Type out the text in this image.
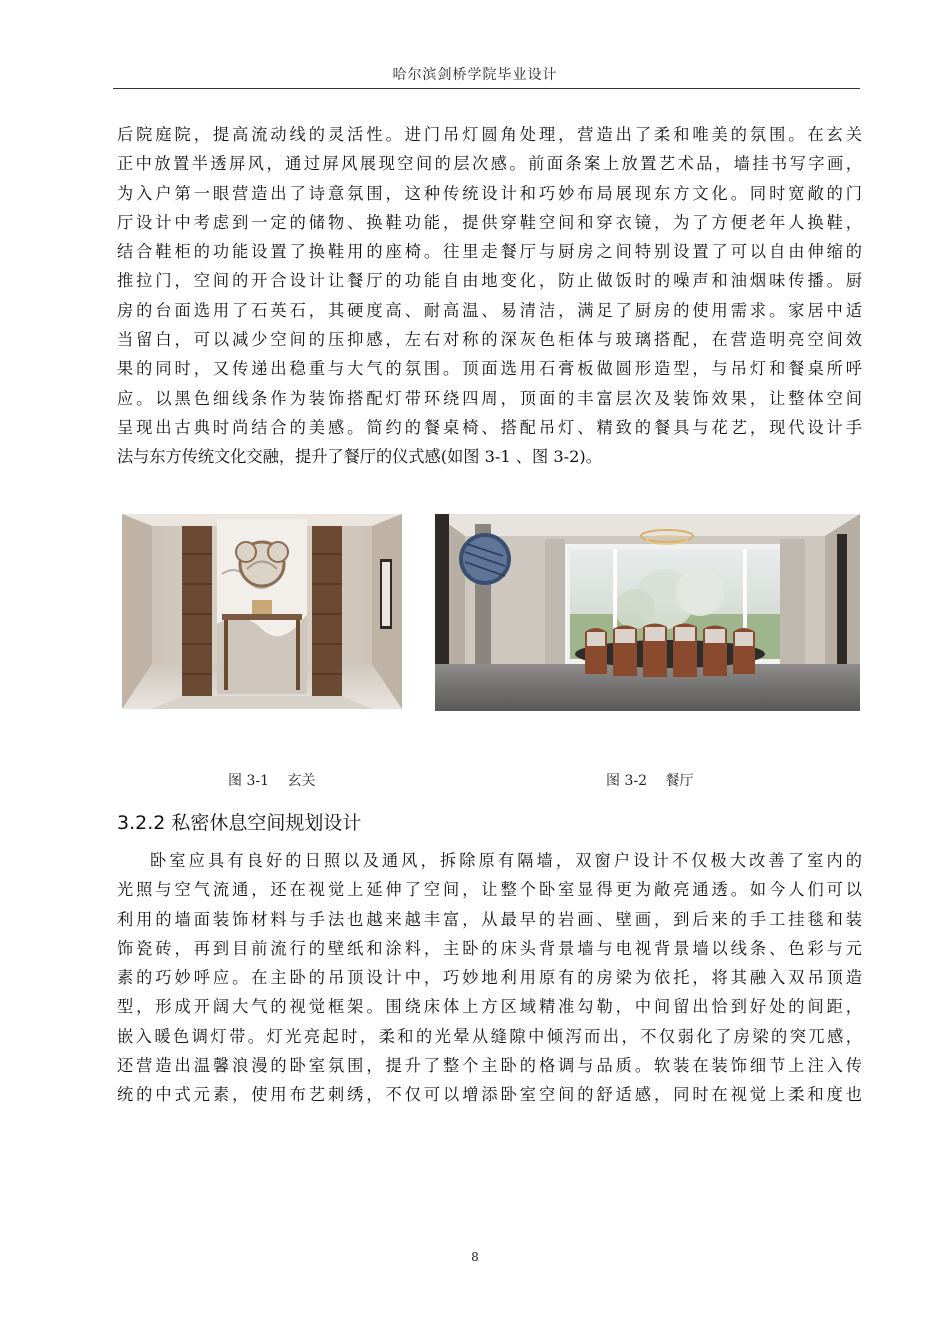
哈尔滨剑桥学院毕业设计
后院庭院，提高流动线的灵活性。进门吊灯圆角处理，营造出了柔和唯美的氛围。在玄关
正中放置半透屏风，通过屏风展现空间的层次感。前面条案上放置艺术品，墙挂书写字画，
为入户第一眼营造出了诗意氛围，这种传统设计和巧妙布局展现东方文化。同时宽敞的门
厅设计中考虑到一定的储物、换鞋功能，提供穿鞋空间和穿衣镜，为了方便老年人换鞋，
结合鞋柜的功能设置了换鞋用的座椅。往里走餐厅与厨房之间特别设置了可以自由伸缩的
推拉门，空间的开合设计让餐厅的功能自由地变化，防止做饭时的噪声和油烟味传播。厨
房的台面选用了石英石，其硬度高、耐高温、易清洁，满足了厨房的使用需求。家居中适
当留白，可以减少空间的压抑感，左右对称的深灰色柜体与玻璃搭配，在营造明亮空间效
果的同时，又传递出稳重与大气的氛围。顶面选用石膏板做圆形造型，与吊灯和餐桌所呼
应。以黑色细线条作为装饰搭配灯带环绕四周，顶面的丰富层次及装饰效果，让整体空间
呈现出古典时尚结合的美感。简约的餐桌椅、搭配吊灯、精致的餐具与花艺，现代设计手
法与东方传统文化交融，提升了餐厅的仪式感(如图 3-1 、图 3-2)。
图 3-1　 玄关	图 3-2　 餐厅
3.2.2 私密休息空间规划设计
卧室应具有良好的日照以及通风，拆除原有隔墙，双窗户设计不仅极大改善了室内的
光照与空气流通，还在视觉上延伸了空间，让整个卧室显得更为敞亮通透。如今人们可以
利用的墙面装饰材料与手法也越来越丰富，从最早的岩画、壁画，到后来的手工挂毯和装
饰瓷砖，再到目前流行的壁纸和涂料，主卧的床头背景墙与电视背景墙以线条、色彩与元
素的巧妙呼应。在主卧的吊顶设计中，巧妙地利用原有的房梁为依托，将其融入双吊顶造
型，形成开阔大气的视觉框架。围绕床体上方区域精准勾勒，中间留出恰到好处的间距，
嵌入暖色调灯带。灯光亮起时，柔和的光晕从缝隙中倾泻而出，不仅弱化了房梁的突兀感，
还营造出温馨浪漫的卧室氛围，提升了整个主卧的格调与品质。软装在装饰细节上注入传
统的中式元素，使用布艺刺绣，不仅可以增添卧室空间的舒适感，同时在视觉上柔和度也
8
